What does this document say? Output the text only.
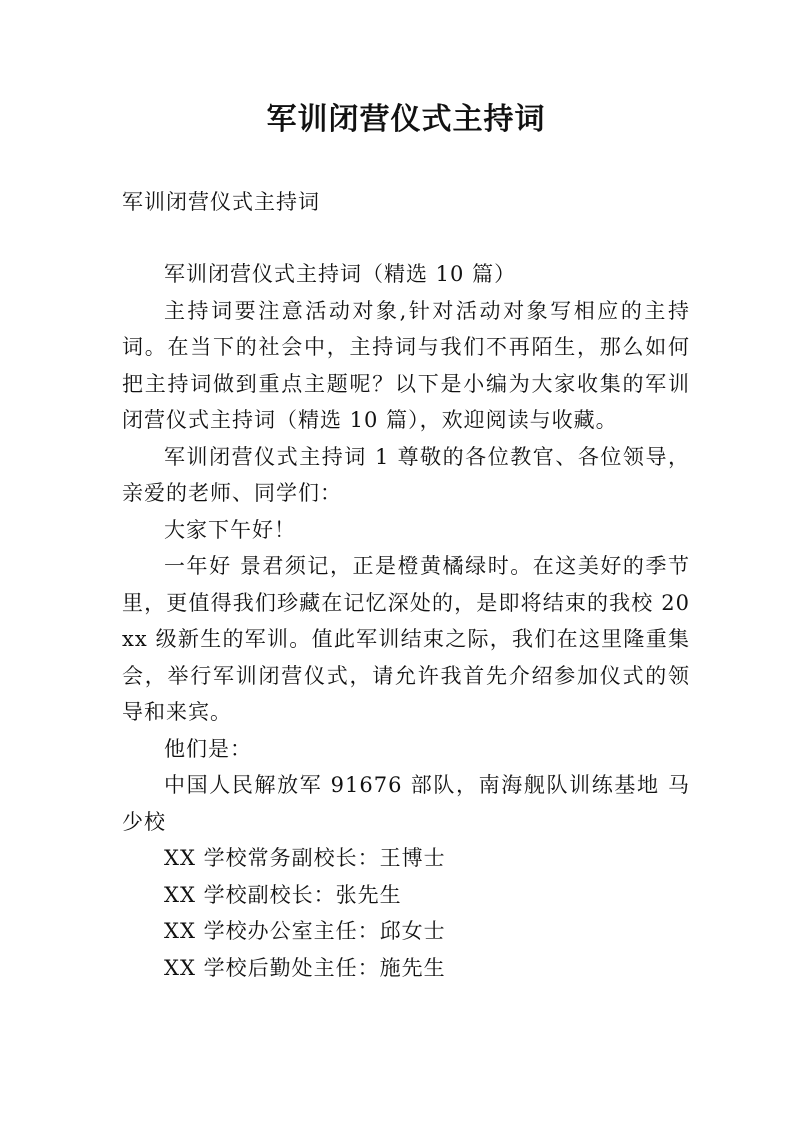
军训闭营仪式主持词

军训闭营仪式主持词

军训闭营仪式主持词（精选 10 篇）

主持词要注意活动对象,针对活动对象写相应的主持词。在当下的社会中，主持词与我们不再陌生，那么如何把主持词做到重点主题呢？以下是小编为大家收集的军训闭营仪式主持词（精选 10 篇），欢迎阅读与收藏。

军训闭营仪式主持词 1 尊敬的各位教官、各位领导，亲爱的老师、同学们：

大家下午好！

一年好 景君须记，正是橙黄橘绿时。在这美好的季节里，更值得我们珍藏在记忆深处的，是即将结束的我校 20xx 级新生的军训。值此军训结束之际，我们在这里隆重集会，举行军训闭营仪式，请允许我首先介绍参加仪式的领导和来宾。

他们是：

中国人民解放军 91676 部队，南海舰队训练基地 马少校

XX 学校常务副校长：王博士

XX 学校副校长：张先生

XX 学校办公室主任：邱女士

XX 学校后勤处主任：施先生
